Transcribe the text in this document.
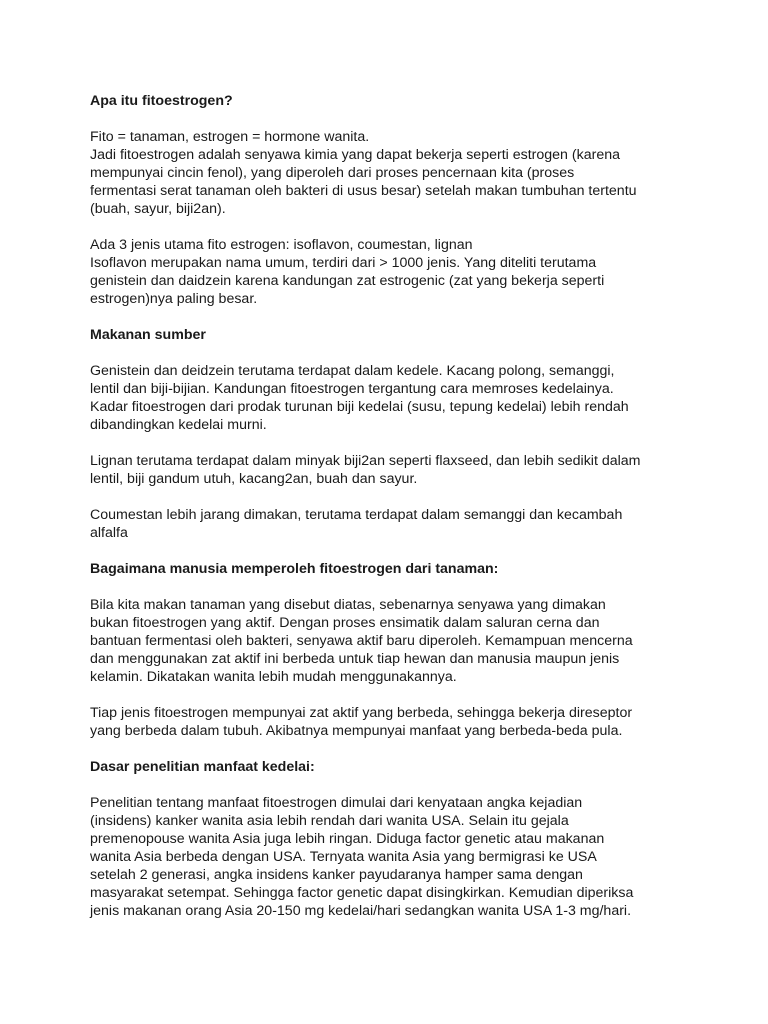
Apa itu fitoestrogen?
Fito = tanaman, estrogen = hormone wanita.
Jadi fitoestrogen adalah senyawa kimia yang dapat bekerja seperti estrogen (karena
mempunyai cincin fenol), yang diperoleh dari proses pencernaan kita (proses
fermentasi serat tanaman oleh bakteri di usus besar) setelah makan tumbuhan tertentu
(buah, sayur, biji2an).
Ada 3 jenis utama fito estrogen: isoflavon, coumestan, lignan
Isoflavon merupakan nama umum, terdiri dari > 1000 jenis. Yang diteliti terutama
genistein dan daidzein karena kandungan zat estrogenic (zat yang bekerja seperti
estrogen)nya paling besar.
Makanan sumber
Genistein dan deidzein terutama terdapat dalam kedele. Kacang polong, semanggi,
lentil dan biji-bijian. Kandungan fitoestrogen tergantung cara memroses kedelainya.
Kadar fitoestrogen dari prodak turunan biji kedelai (susu, tepung kedelai) lebih rendah
dibandingkan kedelai murni.
Lignan terutama terdapat dalam minyak biji2an seperti flaxseed, dan lebih sedikit dalam
lentil, biji gandum utuh, kacang2an, buah dan sayur.
Coumestan lebih jarang dimakan, terutama terdapat dalam semanggi dan kecambah
alfalfa
Bagaimana manusia memperoleh fitoestrogen dari tanaman:
Bila kita makan tanaman yang disebut diatas, sebenarnya senyawa yang dimakan
bukan fitoestrogen yang aktif. Dengan proses ensimatik dalam saluran cerna dan
bantuan fermentasi oleh bakteri, senyawa aktif baru diperoleh. Kemampuan mencerna
dan menggunakan zat aktif ini berbeda untuk tiap hewan dan manusia maupun jenis
kelamin. Dikatakan wanita lebih mudah menggunakannya.
Tiap jenis fitoestrogen mempunyai zat aktif yang berbeda, sehingga bekerja direseptor
yang berbeda dalam tubuh. Akibatnya mempunyai manfaat yang berbeda-beda pula.
Dasar penelitian manfaat kedelai:
Penelitian tentang manfaat fitoestrogen dimulai dari kenyataan angka kejadian
(insidens) kanker wanita asia lebih rendah dari wanita USA. Selain itu gejala
premenopouse wanita Asia juga lebih ringan. Diduga factor genetic atau makanan
wanita Asia berbeda dengan USA. Ternyata wanita Asia yang bermigrasi ke USA
setelah 2 generasi, angka insidens kanker payudaranya hamper sama dengan
masyarakat setempat. Sehingga factor genetic dapat disingkirkan. Kemudian diperiksa
jenis makanan orang Asia 20-150 mg kedelai/hari sedangkan wanita USA 1-3 mg/hari.
